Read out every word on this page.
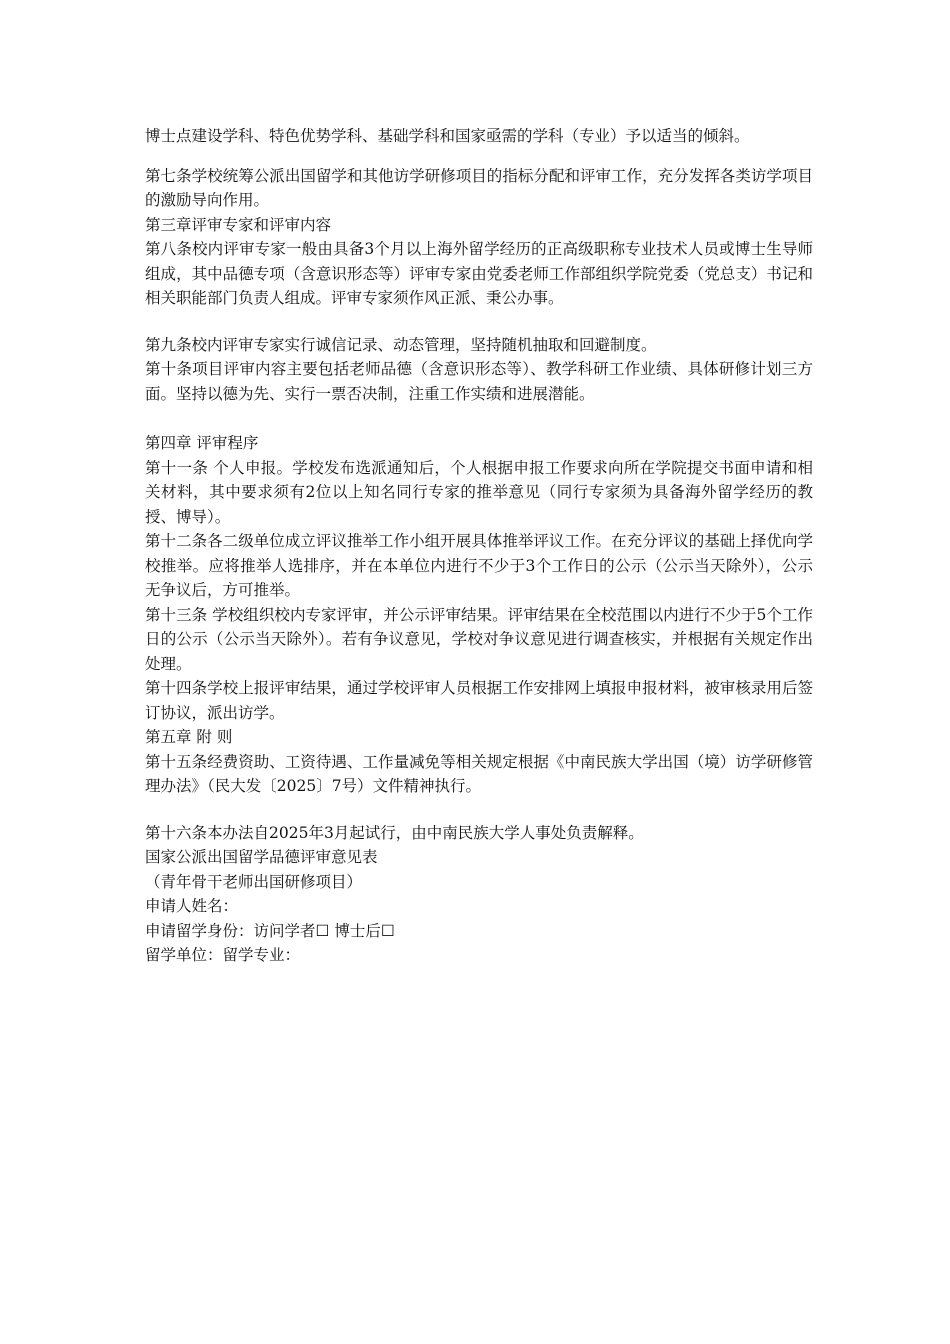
博士点建设学科、特色优势学科、基础学科和国家亟需的学科（专业）予以适当的倾斜。

第七条学校统筹公派出国留学和其他访学研修项目的指标分配和评审工作，充分发挥各类访学项目的激励导向作用。

第三章评审专家和评审内容

第八条校内评审专家一般由具备3个月以上海外留学经历的正高级职称专业技术人员或博士生导师组成，其中品德专项（含意识形态等）评审专家由党委老师工作部组织学院党委（党总支）书记和相关职能部门负责人组成。评审专家须作风正派、秉公办事。

第九条校内评审专家实行诚信记录、动态管理，坚持随机抽取和回避制度。

第十条项目评审内容主要包括老师品德（含意识形态等）、教学科研工作业绩、具体研修计划三方面。坚持以德为先、实行一票否决制，注重工作实绩和进展潜能。

第四章 评审程序

第十一条 个人申报。学校发布选派通知后，个人根据申报工作要求向所在学院提交书面申请和相关材料，其中要求须有2位以上知名同行专家的推举意见（同行专家须为具备海外留学经历的教授、博导）。

第十二条各二级单位成立评议推举工作小组开展具体推举评议工作。在充分评议的基础上择优向学校推举。应将推举人选排序，并在本单位内进行不少于3个工作日的公示（公示当天除外），公示无争议后，方可推举。

第十三条 学校组织校内专家评审，并公示评审结果。评审结果在全校范围以内进行不少于5个工作日的公示（公示当天除外）。若有争议意见，学校对争议意见进行调查核实，并根据有关规定作出处理。

第十四条学校上报评审结果，通过学校评审人员根据工作安排网上填报申报材料，被审核录用后签订协议，派出访学。

第五章 附 则

第十五条经费资助、工资待遇、工作量减免等相关规定根据《中南民族大学出国（境）访学研修管理办法》（民大发〔2025〕7号）文件精神执行。

第十六条本办法自2025年3月起试行，由中南民族大学人事处负责解释。

国家公派出国留学品德评审意见表

（青年骨干老师出国研修项目）

申请人姓名：

申请留学身份：访问学者☐ 博士后☐

留学单位：留学专业：
